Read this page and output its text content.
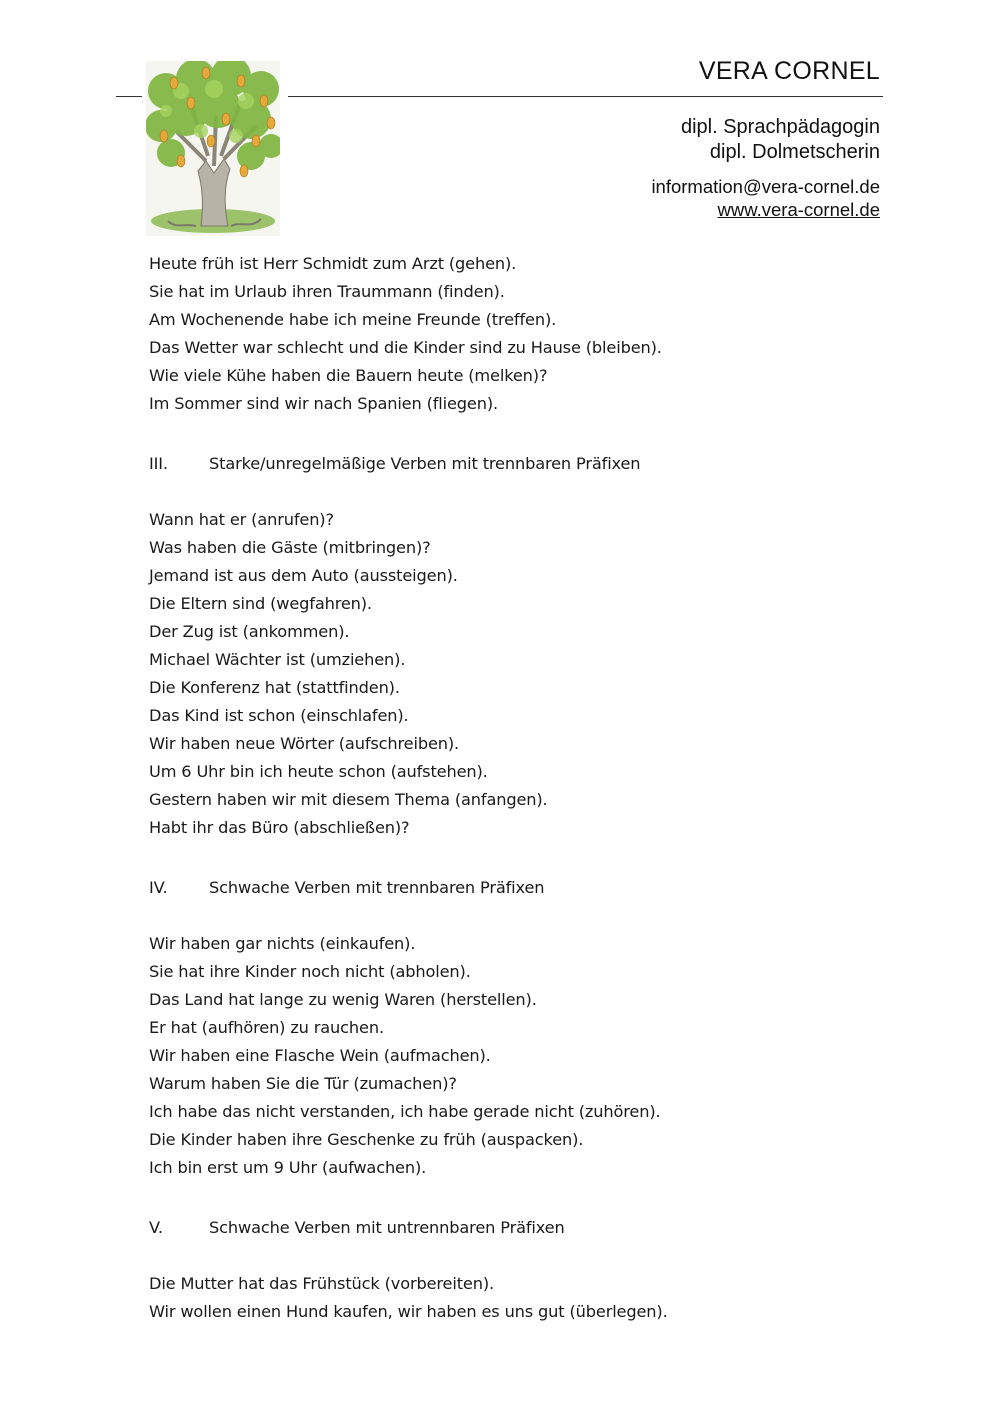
VERA CORNEL
dipl. Sprachpädagogin
dipl. Dolmetscherin
information@vera-cornel.de
www.vera-cornel.de
Heute früh ist Herr Schmidt zum Arzt (gehen).
Sie hat im Urlaub ihren Traummann (finden).
Am Wochenende habe ich meine Freunde (treffen).
Das Wetter war schlecht und die Kinder sind zu Hause (bleiben).
Wie viele Kühe haben die Bauern heute (melken)?
Im Sommer sind wir nach Spanien (fliegen).
III.	Starke/unregelmäßige Verben mit trennbaren Präfixen
Wann hat er (anrufen)?
Was haben die Gäste (mitbringen)?
Jemand ist aus dem Auto (aussteigen).
Die Eltern sind (wegfahren).
Der Zug ist (ankommen).
Michael Wächter ist (umziehen).
Die Konferenz hat (stattfinden).
Das Kind ist schon (einschlafen).
Wir haben neue Wörter (aufschreiben).
Um 6 Uhr bin ich heute schon (aufstehen).
Gestern haben wir mit diesem Thema (anfangen).
Habt ihr das Büro (abschließen)?
IV.	Schwache Verben mit trennbaren Präfixen
Wir haben gar nichts (einkaufen).
Sie hat ihre Kinder noch nicht (abholen).
Das Land hat lange zu wenig Waren (herstellen).
Er hat (aufhören) zu rauchen.
Wir haben eine Flasche Wein (aufmachen).
Warum haben Sie die Tür (zumachen)?
Ich habe das nicht verstanden, ich habe gerade nicht (zuhören).
Die Kinder haben ihre Geschenke zu früh (auspacken).
Ich bin erst um 9 Uhr (aufwachen).
V.	Schwache Verben mit untrennbaren Präfixen
Die Mutter hat das Frühstück (vorbereiten).
Wir wollen einen Hund kaufen, wir haben es uns gut (überlegen).
